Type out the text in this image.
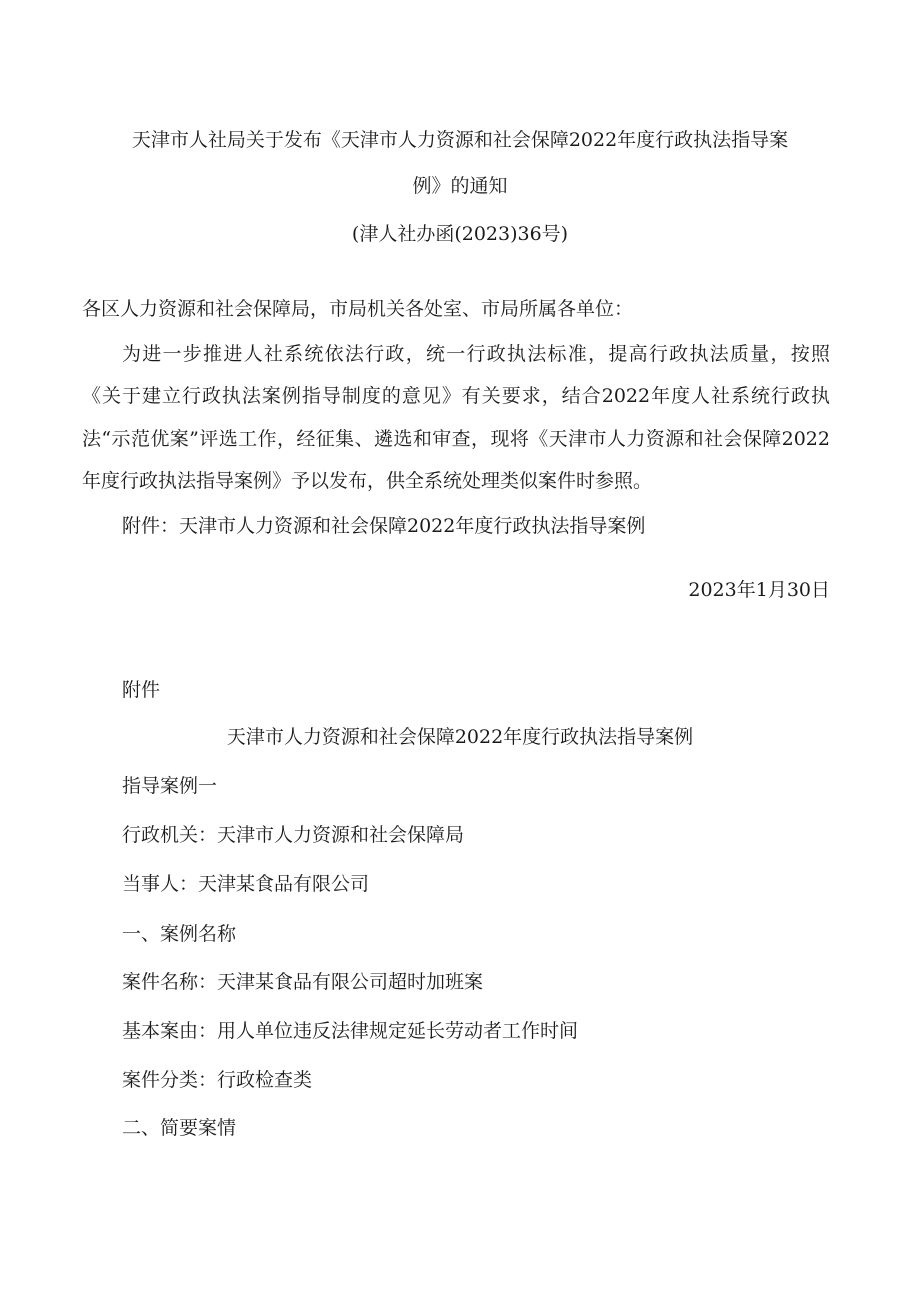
天津市人社局关于发布《天津市人力资源和社会保障2022年度行政执法指导案
例》的通知
(津人社办函(2023)36号)
各区人力资源和社会保障局，市局机关各处室、市局所属各单位：
为进一步推进人社系统依法行政，统一行政执法标准，提高行政执法质量，按照
《关于建立行政执法案例指导制度的意见》有关要求，结合2022年度人社系统行政执
法“示范优案”评选工作，经征集、遴选和审查，现将《天津市人力资源和社会保障2022
年度行政执法指导案例》予以发布，供全系统处理类似案件时参照。
附件：天津市人力资源和社会保障2022年度行政执法指导案例
2023年1月30日
附件
天津市人力资源和社会保障2022年度行政执法指导案例
指导案例一
行政机关：天津市人力资源和社会保障局
当事人：天津某食品有限公司
一、案例名称
案件名称：天津某食品有限公司超时加班案
基本案由：用人单位违反法律规定延长劳动者工作时间
案件分类：行政检查类
二、简要案情
